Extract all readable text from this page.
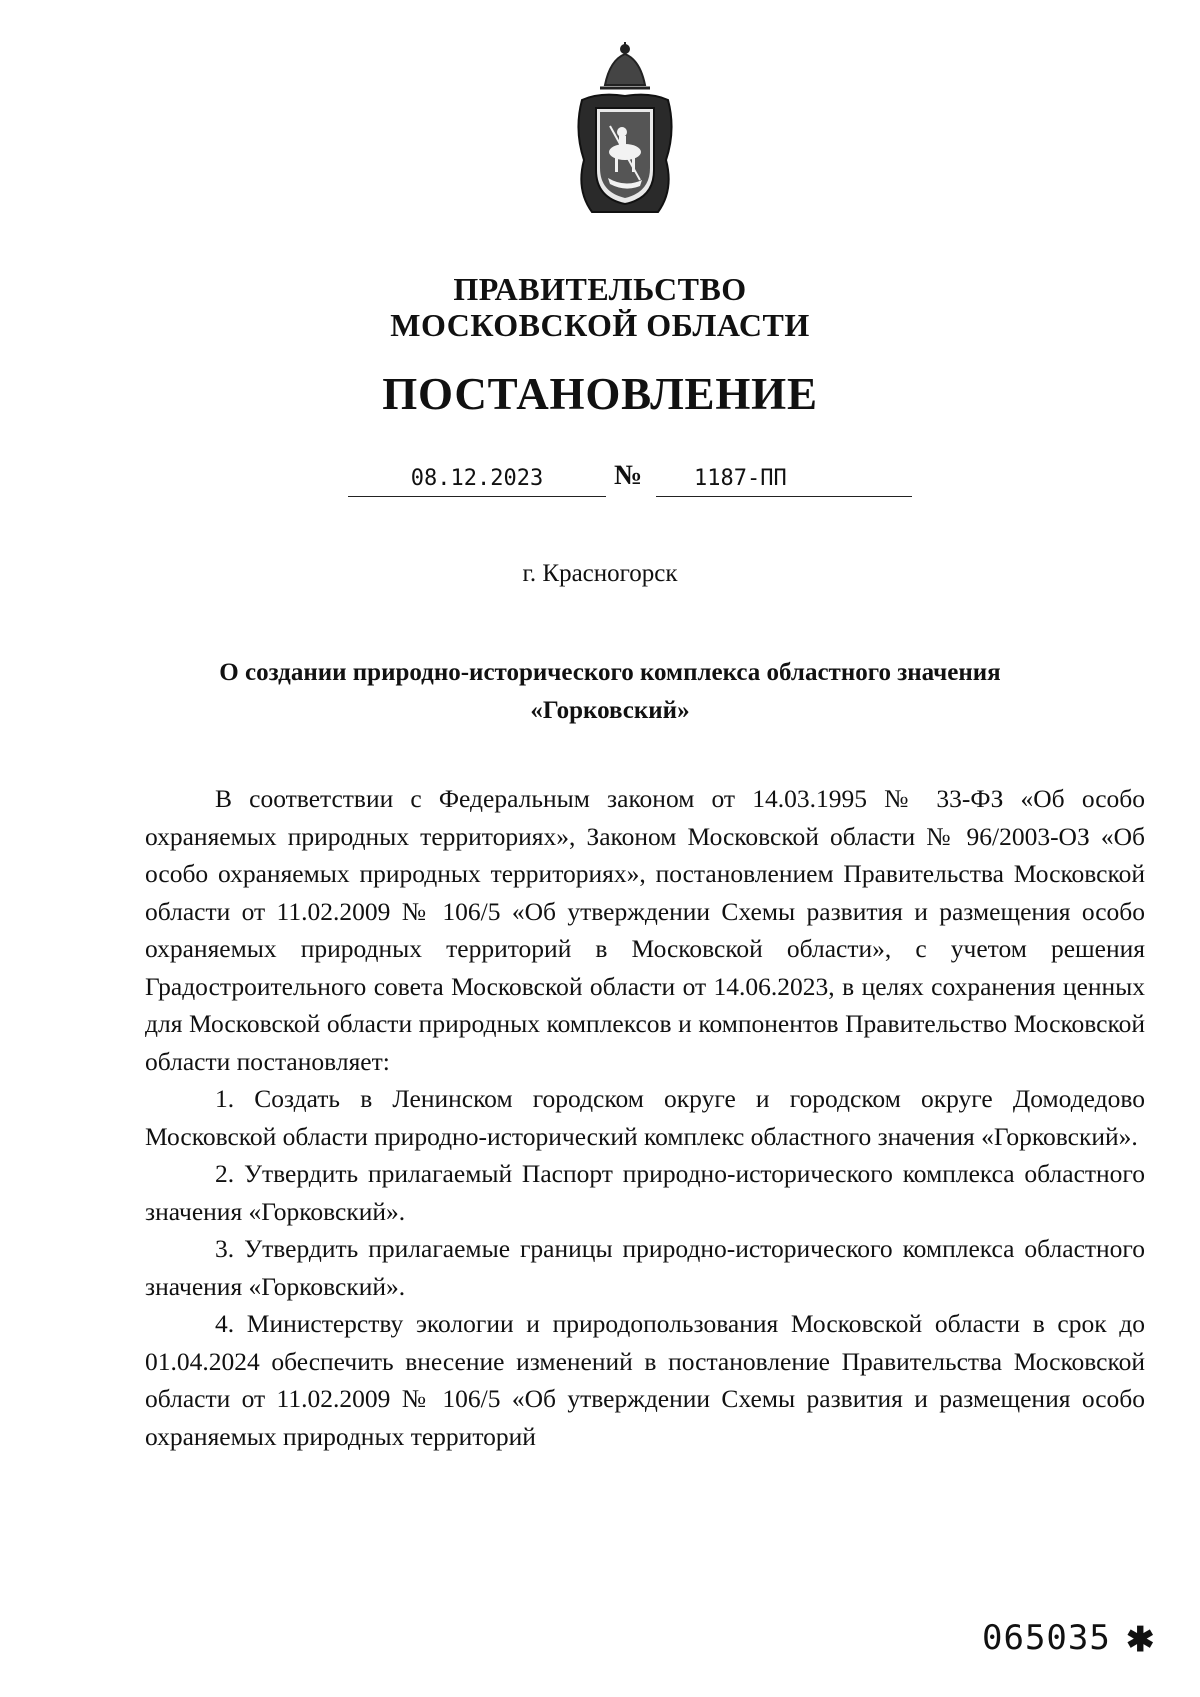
ПРАВИТЕЛЬСТВО
МОСКОВСКОЙ ОБЛАСТИ
ПОСТАНОВЛЕНИЕ
08.12.2023	№	1187-ПП
г. Красногорск
О создании природно-исторического комплекса областного значения
«Горковский»

В соответствии с Федеральным законом от 14.03.1995 № 33-ФЗ «Об особо охраняемых природных территориях», Законом Московской области № 96/2003-ОЗ «Об особо охраняемых природных территориях», постановлением Правительства Московской области от 11.02.2009 № 106/5 «Об утверждении Схемы развития и размещения особо охраняемых природных территорий в Московской области», с учетом решения Градостроительного совета Московской области от 14.06.2023, в целях сохранения ценных для Московской области природных комплексов и компонентов Правительство Московской области постановляет:

1. Создать в Ленинском городском округе и городском округе Домодедово Московской области природно-исторический комплекс областного значения «Горковский».

2. Утвердить прилагаемый Паспорт природно-исторического комплекса областного значения «Горковский».

3. Утвердить прилагаемые границы природно-исторического комплекса областного значения «Горковский».

4. Министерству экологии и природопользования Московской области в срок до 01.04.2024 обеспечить внесение изменений в постановление Правительства Московской области от 11.02.2009 № 106/5 «Об утверждении Схемы развития и размещения особо охраняемых природных территорий

065035 ✱
